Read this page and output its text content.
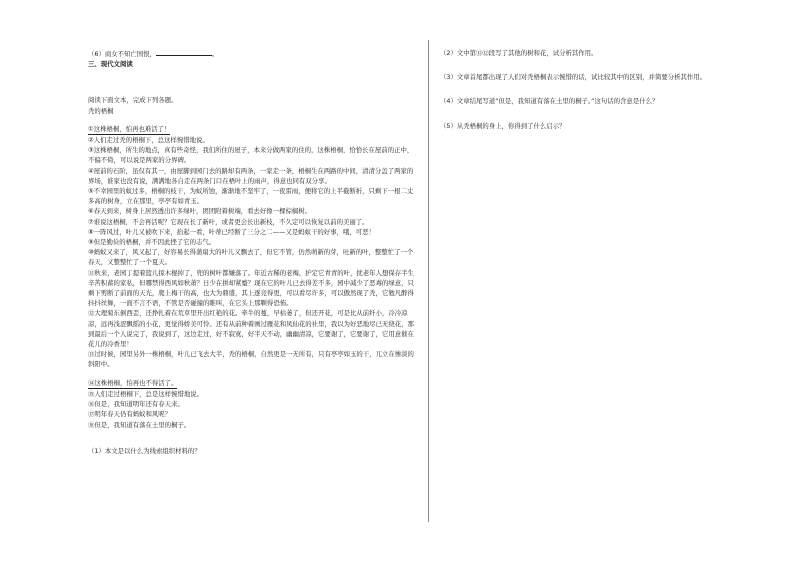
（6）商女不知亡国恨，	。
三、现代文阅读
阅读下面文本，完成下列各题。
秃的梧桐
①这株梧桐，怕再也难活了！
②人们走过秃的梧桐下，总这样惋惜地说。
③这株梧桐，所生的地点，真有些奇怪，我们所住的屋子，本来分做两家的住的，这株梧桐，恰恰长在屋前的正中，不偏不倚，可以说是两家的分界碑。
④屋前的石阶，虽仅有其一，由屋脚到园门去的路却有两条，一家走一条，梧桐生在两路的中间，清清分盖了两家的界场，谁家也没有说，满满地各自走在两条门口在梧叶上的雨声，得意也同有双分享。
⑤不幸园里的蚁过多，梧桐的枝干，为蚁所蚀，渐渐地不坚牢了，一夜雷雨，便将它的上半截断折，只剩下一根二丈多高的树身，立在那里，亭亭有如青玉。
⑥春天到来，树身上居然透出许多绿叶，团团附着树端，看去好像一棵棕榈树。
⑦谁说这梧桐，不会再活呢？它现在长了新叶，或者更会长出新枝，不久定可以恢复以前的美丽了。
⑧一阵风过，叶儿又被吹下来，抬起一看，叶蒂已经断了三分之二——又是蚂蚁干的好事，哦，可恶！
⑨但是勤俭的梧桐，并不因此挫了它的志气。
⑩蚂蚁又来了，风又起了，好容易长得蒲扇大的叶儿又飘去了，但它不管，仍然萌新的芽，吐新的叶，整整忙了一个春天，又整整忙了一个夏天。
⑪秋来，老园丁提着篮儿掠木棍掉了，兜的树叶都嫌落了。年近古稀的老梅，护定它青青的叶，扰老年人想保存半生辛苦积蓄的家私，但哪禁得西风如秋萧？日少在拼却紧蹙？现在它的叶儿已去得差不多，园中减少了恶毒的绿意，只剩下剪断了前面的天光，爬上梅干的高，也大为鼎盛，其上逐竞得更，可以看尽许多，可以傲然现了秃，它勉凡醉得抖抖丝舞，一面不言不语，不管是否碰撞的睢叫，在它头上那颗得恐怖。
⑫大理菊东倒西歪，还挣扎着在荒草里开出红艳的花。牵牛的蔓，早枯萎了，但还开花，可是比从前纤小，冷冷凉凉，远再浅涩飘摇的小花，更觉得娇美可怜。还有从前种着画过雁花和凤仙花的社里，我以为好恶地尽已无绕花，那到最后一个人说完了，我说到了，这边走过，好不寂寞，好半天不动，幽幽清凉，它要谢了，它要谢了，它用意催在花儿的冷香里！
⑬过时候，园里另外一株梧桐，叶儿已飞去大半，秃的梧桐，自然更是一无所有，只有亭亭如玉的干，兀立在惨淡的斜阳中。
⑭这株梧桐，怕再也不得活了。
⑮人们走过梧桐下，总是这样惋惜地说。
⑯但是，我知道明年还有春天来。
⑰明年春天仍有蚂蚁和风呢？
⑱但是，我知道有落在土里的桐子。
（1）本文是以什么为线索组织材料的？
（2）文中第⑪⑫段写了其他的树和花，试分析其作用。
（3）文章首尾都出现了人们对秃梧桐表示惋惜的话，试比较其中的区别，并简要分析其作用。
（4）文章结尾写道“但是，我知道有落在土里的桐子。”这句话的含意是什么？
（5）从秃梧桐的身上，你得到了什么启示？
